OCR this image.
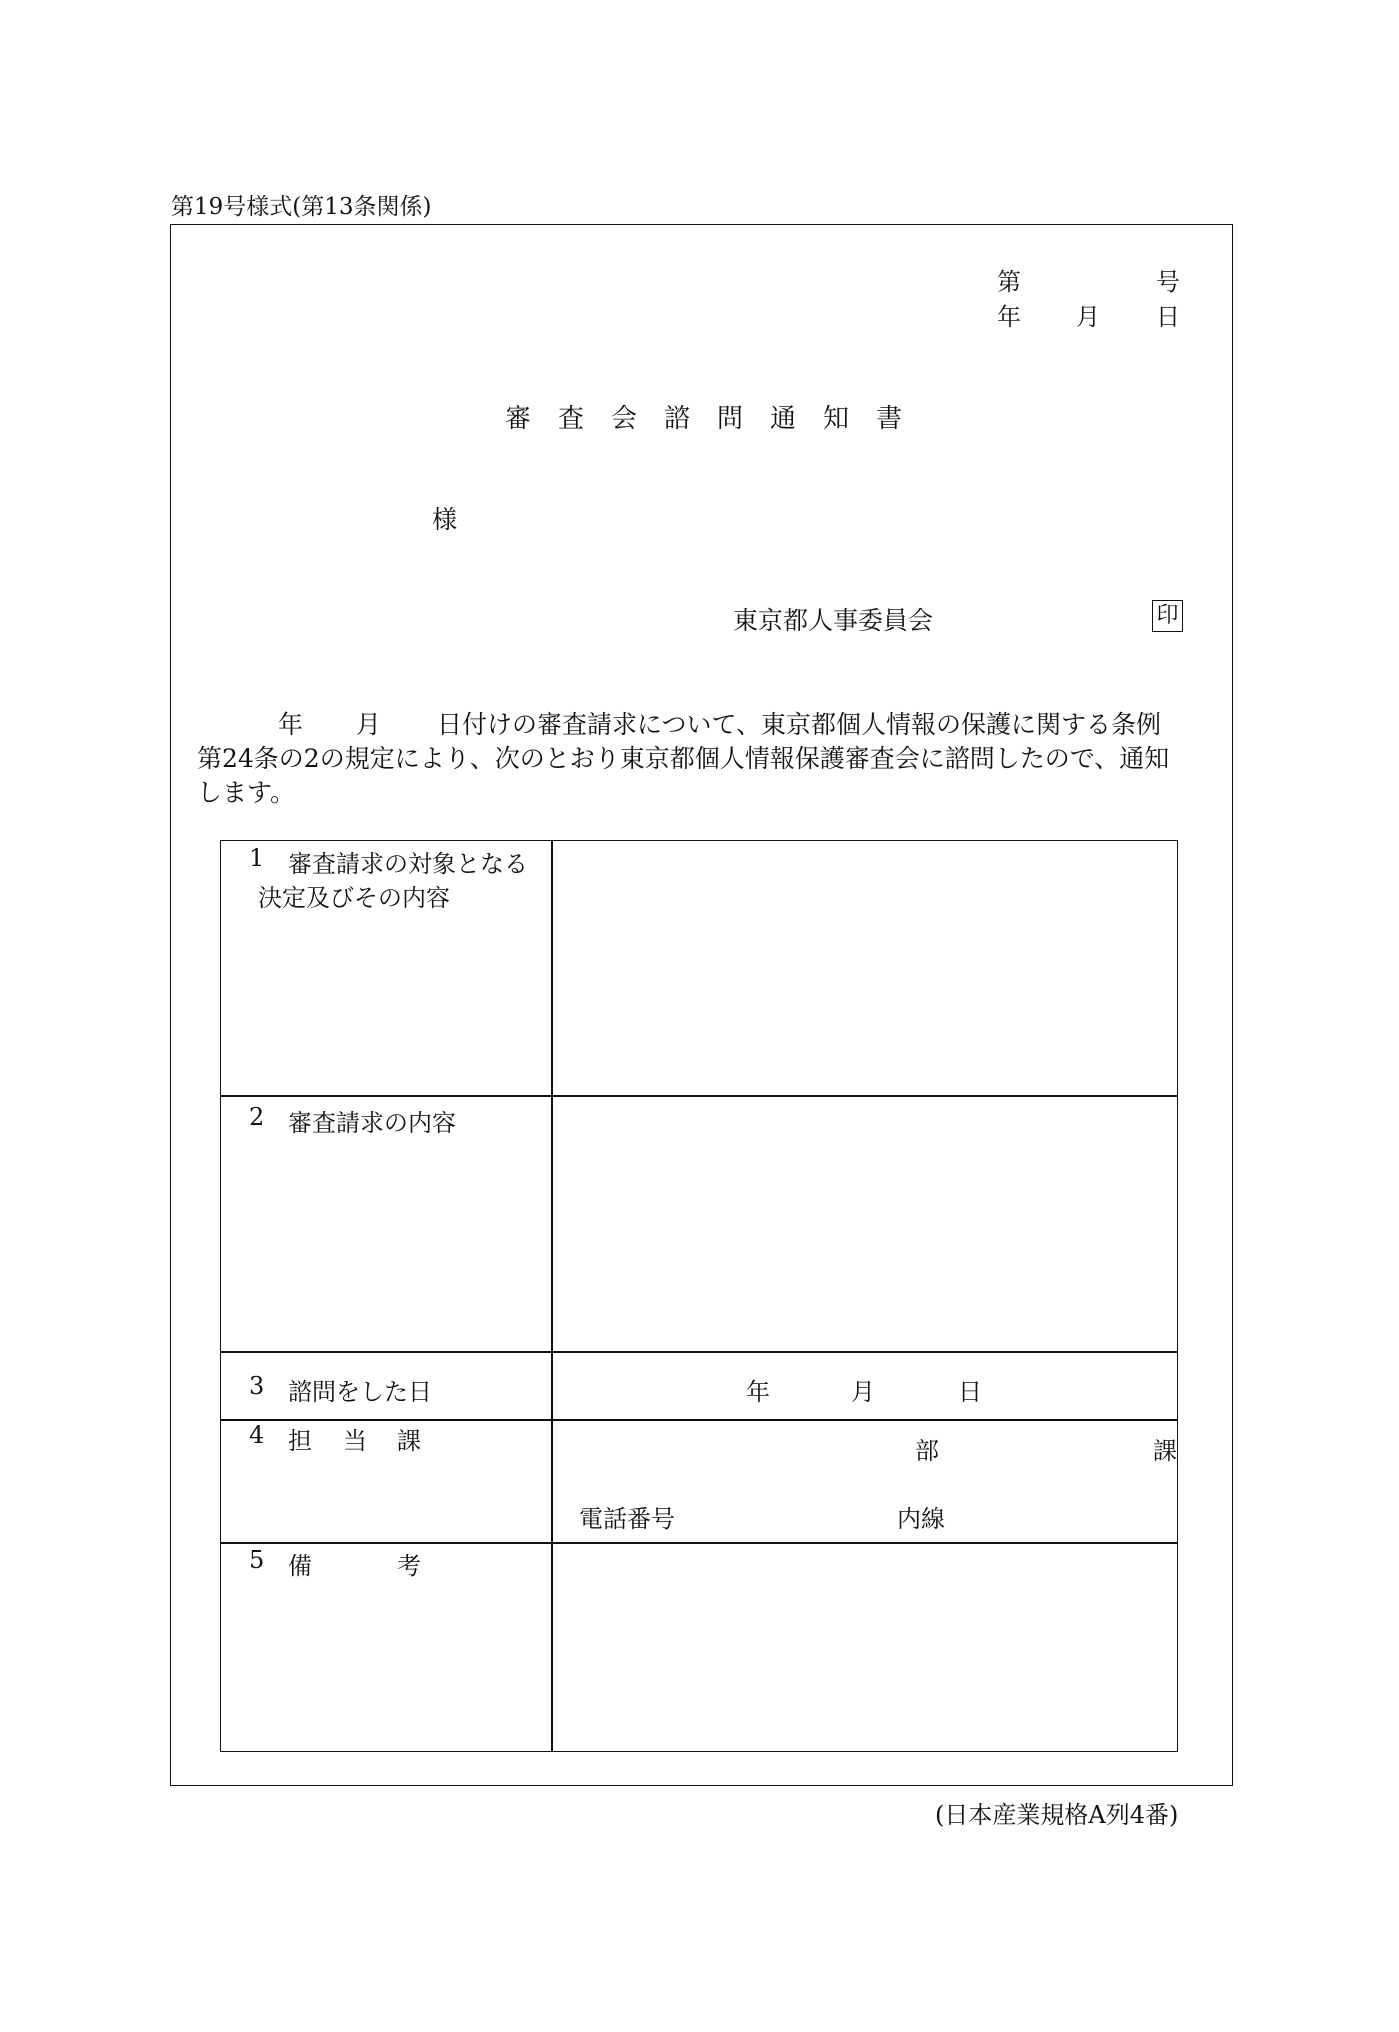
第19号様式(第13条関係)
第	号
年 月 日
審査会諮問通知書
様
東京都人事委員会	印
年 月 日付けの審査請求について、東京都個人情報の保護に関する条例
第24条の2の規定により、次のとおり東京都個人情報保護審査会に諮問したので、通知
します。
1 審査請求の対象となる
決定及びその内容
2 審査請求の内容
3 諮問をした日	年	月	日
4 担 当 課	部	課
電話番号	内線
5 備	考
(日本産業規格A列4番)
